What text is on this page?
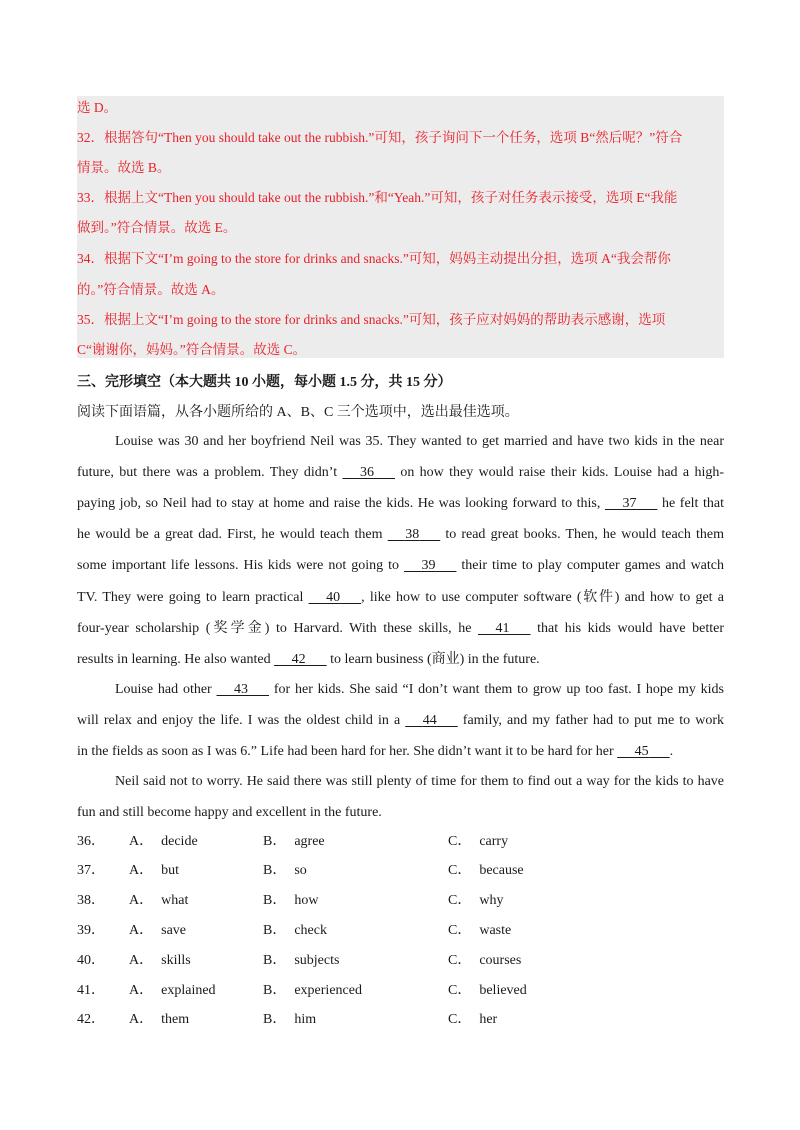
选 D。
32．根据答句“Then you should take out the rubbish.”可知，孩子询问下一个任务，选项 B“然后呢？”符合
情景。故选 B。
33．根据上文“Then you should take out the rubbish.”和“Yeah.”可知，孩子对任务表示接受，选项 E“我能
做到。”符合情景。故选 E。
34．根据下文“I’m going to the store for drinks and snacks.”可知，妈妈主动提出分担，选项 A“我会帮你
的。”符合情景。故选 A。
35．根据上文“I’m going to the store for drinks and snacks.”可知，孩子应对妈妈的帮助表示感谢，选项
C“谢谢你，妈妈。”符合情景。故选 C。
三、完形填空（本大题共 10 小题，每小题 1.5 分，共 15 分）
阅读下面语篇，从各小题所给的 A、B、C 三个选项中，选出最佳选项。
Louise was 30 and her boyfriend Neil was 35. They wanted to get married and have two kids in the near
future, but there was a problem. They didn’t 36 on how they would raise their kids. Louise had a high-
paying job, so Neil had to stay at home and raise the kids. He was looking forward to this, 37 he felt that
he would be a great dad. First, he would teach them 38 to read great books. Then, he would teach them
some important life lessons. His kids were not going to 39 their time to play computer games and watch
TV. They were going to learn practical 40 , like how to use computer software (软件) and how to get a
four-year scholarship (奖学金) to Harvard. With these skills, he 41 that his kids would have better
results in learning. He also wanted 42 to learn business (商业) in the future.
Louise had other 43 for her kids. She said “I don’t want them to grow up too fast. I hope my kids
will relax and enjoy the life. I was the oldest child in a 44 family, and my father had to put me to work
in the fields as soon as I was 6.” Life had been hard for her. She didn’t want it to be hard for her 45 .
Neil said not to worry. He said there was still plenty of time for them to find out a way for the kids to have
fun and still become happy and excellent in the future.
36． A． decide	B． agree	C． carry
37． A． but	B． so	C． because
38． A． what	B． how	C． why
39． A． save	B． check	C． waste
40． A． skills	B． subjects	C． courses
41． A． explained	B． experienced	C． believed
42． A． them	B． him	C． her
